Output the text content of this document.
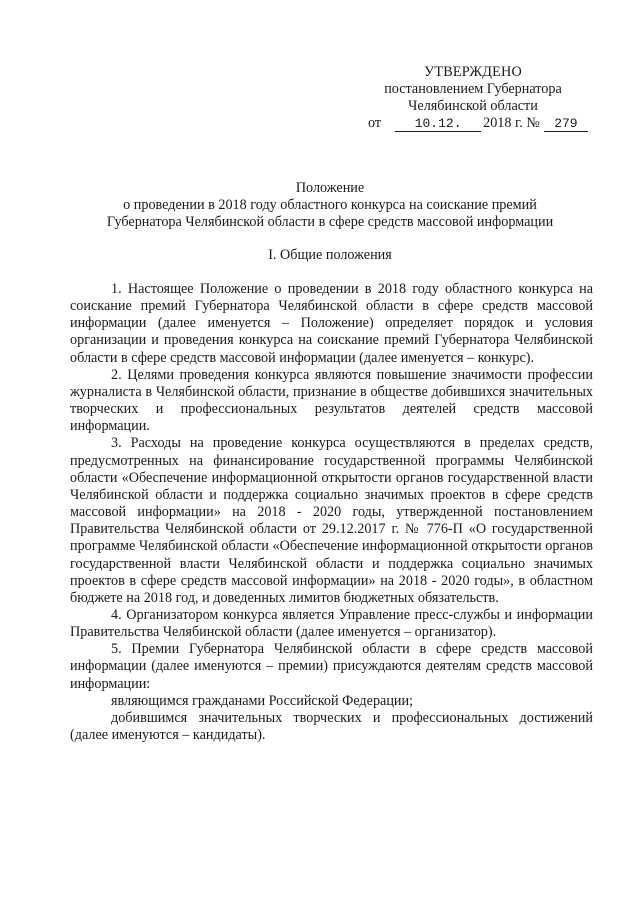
УТВЕРЖДЕНО
постановлением Губернатора
Челябинской области
от	10.12. 2018 г. № 279
Положение
о проведении в 2018 году областного конкурса на соискание премий
Губернатора Челябинской области в сфере средств массовой информации
I. Общие положения

1. Настоящее Положение о проведении в 2018 году областного конкурса на соискание премий Губернатора Челябинской области в сфере средств массовой информации (далее именуется – Положение) определяет порядок и условия организации и проведения конкурса на соискание премий Губернатора Челябинской области в сфере средств массовой информации (далее именуется – конкурс).

2. Целями проведения конкурса являются повышение значимости профессии журналиста в Челябинской области, признание в обществе добившихся значительных творческих и профессиональных результатов деятелей средств массовой информации.

3. Расходы на проведение конкурса осуществляются в пределах средств, предусмотренных на финансирование государственной программы Челябинской области «Обеспечение информационной открытости органов государственной власти Челябинской области и поддержка социально значимых проектов в сфере средств массовой информации» на 2018 - 2020 годы, утвержденной постановлением Правительства Челябинской области от 29.12.2017 г. № 776-П «О государственной программе Челябинской области «Обеспечение информационной открытости органов государственной власти Челябинской области и поддержка социально значимых проектов в сфере средств массовой информации» на 2018 - 2020 годы», в областном бюджете на 2018 год, и доведенных лимитов бюджетных обязательств.

4. Организатором конкурса является Управление пресс-службы и информации Правительства Челябинской области (далее именуется – организатор).

5. Премии Губернатора Челябинской области в сфере средств массовой информации (далее именуются – премии) присуждаются деятелям средств массовой информации:

являющимся гражданами Российской Федерации;

добившимся значительных творческих и профессиональных достижений (далее именуются – кандидаты).
